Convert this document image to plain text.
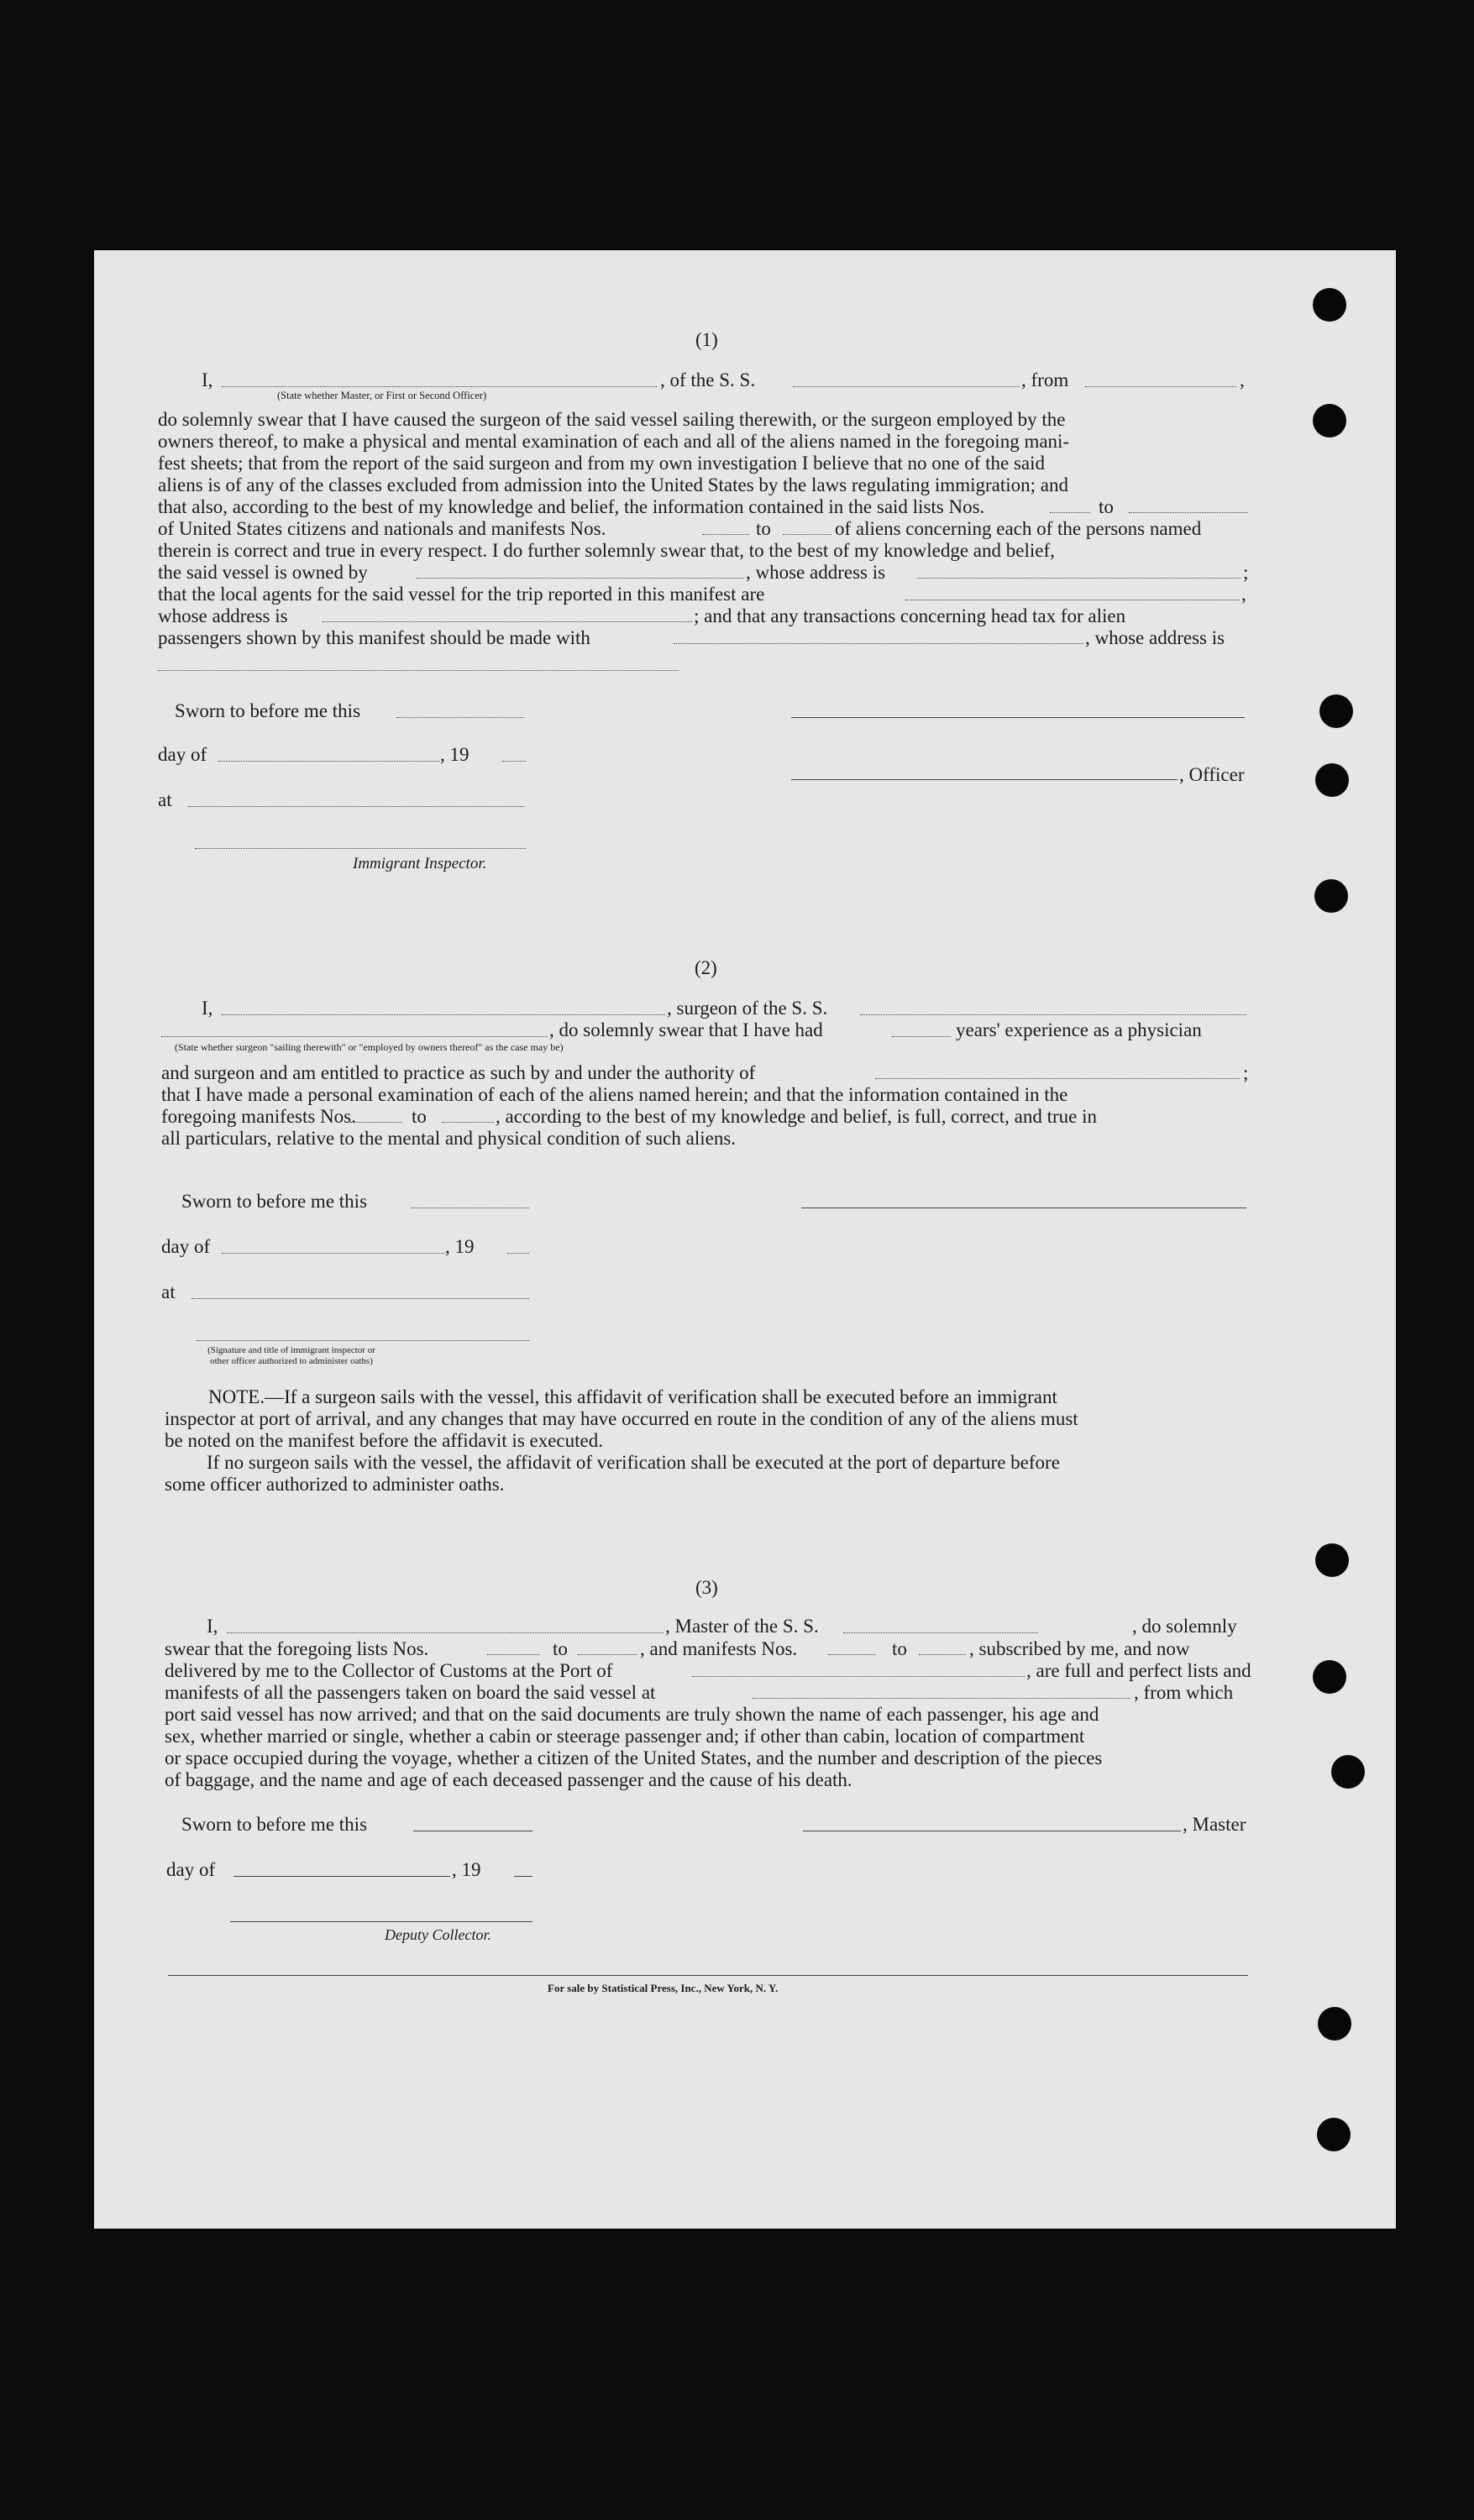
(1)
I,	, of the S. S.	, from	,
(State whether Master, or First or Second Officer)
do solemnly swear that I have caused the surgeon of the said vessel sailing therewith, or the surgeon employed by the
owners thereof, to make a physical and mental examination of each and all of the aliens named in the foregoing mani-
fest sheets; that from the report of the said surgeon and from my own investigation I believe that no one of the said
aliens is of any of the classes excluded from admission into the United States by the laws regulating immigration; and
that also, according to the best of my knowledge and belief, the information contained in the said lists Nos.	to
of United States citizens and nationals and manifests Nos.	to	of aliens concerning each of the persons named
therein is correct and true in every respect. I do further solemnly swear that, to the best of my knowledge and belief,
the said vessel is owned by	, whose address is	;
that the local agents for the said vessel for the trip reported in this manifest are	,
whose address is	; and that any transactions concerning head tax for alien
passengers shown by this manifest should be made with	, whose address is
Sworn to before me this
day of	, 19
, Officer
at
Immigrant Inspector.
(2)
I,	, surgeon of the S. S.
, do solemnly swear that I have had	years' experience as a physician
(State whether surgeon "sailing therewith" or "employed by owners thereof" as the case may be)
and surgeon and am entitled to practice as such by and under the authority of	;
that I have made a personal examination of each of the aliens named herein; and that the information contained in the
foregoing manifests Nos.	to	, according to the best of my knowledge and belief, is full, correct, and true in
all particulars, relative to the mental and physical condition of such aliens.
Sworn to before me this
day of	, 19
at
(Signature and title of immigrant inspector or
other officer authorized to administer oaths)
NOTE.—If a surgeon sails with the vessel, this affidavit of verification shall be executed before an immigrant
inspector at port of arrival, and any changes that may have occurred en route in the condition of any of the aliens must
be noted on the manifest before the affidavit is executed.
If no surgeon sails with the vessel, the affidavit of verification shall be executed at the port of departure before
some officer authorized to administer oaths.
(3)
I,	, Master of the S. S.	, do solemnly
swear that the foregoing lists Nos.	to	, and manifests Nos.	to	, subscribed by me, and now
delivered by me to the Collector of Customs at the Port of	, are full and perfect lists and
manifests of all the passengers taken on board the said vessel at	, from which
port said vessel has now arrived; and that on the said documents are truly shown the name of each passenger, his age and
sex, whether married or single, whether a cabin or steerage passenger and; if other than cabin, location of compartment
or space occupied during the voyage, whether a citizen of the United States, and the number and description of the pieces
of baggage, and the name and age of each deceased passenger and the cause of his death.
Sworn to before me this	, Master
day of	, 19
Deputy Collector.
For sale by Statistical Press, Inc., New York, N. Y.
